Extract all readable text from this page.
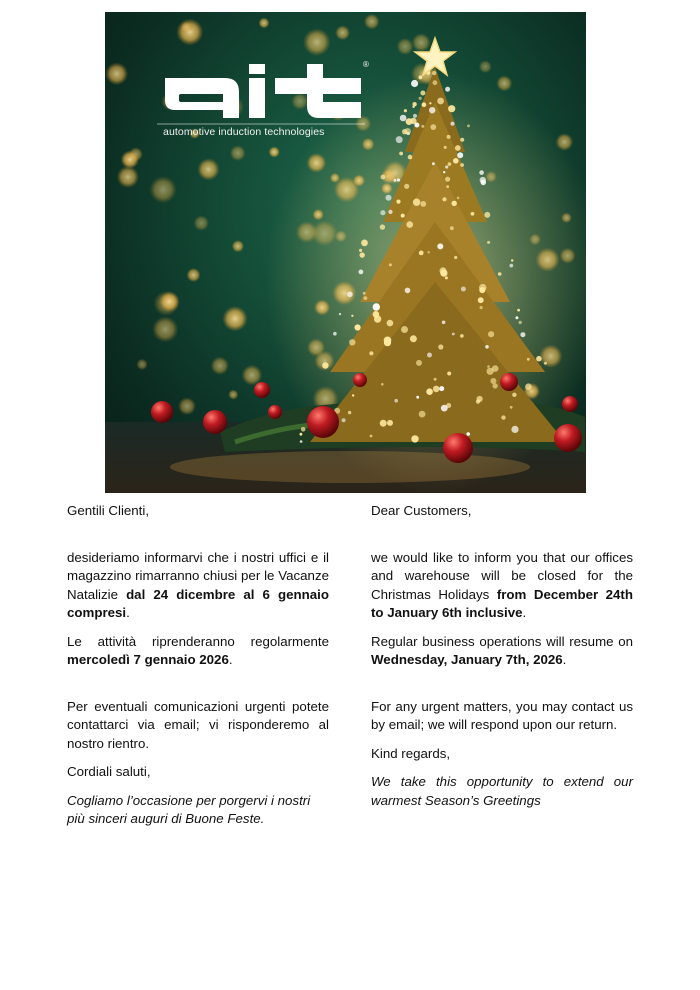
automotive induction technologies
®

Gentili Clienti,

desideriamo informarvi che i nostri uffici e il magazzino rimarranno chiusi per le Vacanze Natalizie dal 24 dicembre al 6 gennaio compresi.

Le attività riprenderanno regolarmente mercoledì 7 gennaio 2026.

Per eventuali comunicazioni urgenti potete contattarci via email; vi risponderemo al nostro rientro.

Cordiali saluti,

Cogliamo l’occasione per porgervi i nostri più sinceri auguri di Buone Feste.

Dear Customers,

we would like to inform you that our offices and warehouse will be closed for the Christmas Holidays from December 24th to January 6th inclusive.

Regular business operations will resume on Wednesday, January 7th, 2026.

For any urgent matters, you may contact us by email; we will respond upon our return.

Kind regards,

We take this opportunity to extend our warmest Season’s Greetings
